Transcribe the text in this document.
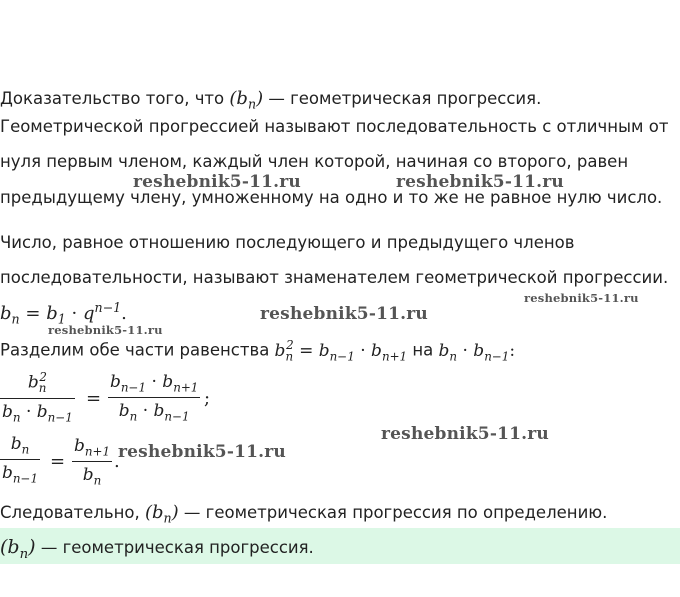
Доказательство того, что $(b_n)$ — геометрическая прогрессия.
Геометрической прогрессией называют последовательность с отличным от
нуля первым членом, каждый член которой, начиная со второго, равен
предыдущему члену, умноженному на одно и то же не равное нулю число.
Число, равное отношению последующего и предыдущего членов
последовательности, называют знаменателем геометрической прогрессии.
$b_n = b_1 \cdot q^{n-1}$.
Разделим обе части равенства $b_n^2 = b_{n-1} \cdot b_{n+1}$ на $b_n \cdot b_{n-1}$:
$b_n^2$
$b_n \cdot b_{n-1}$
=
$b_{n-1} \cdot b_{n+1}$
$b_n \cdot b_{n-1}$
;
$b_n$
$b_{n-1}$
=
$b_{n+1}$
$b_n$
.
Следовательно, $(b_n)$ — геометрическая прогрессия по определению.
$(b_n)$ — геометрическая прогрессия.
reshebnik5-11.ru	reshebnik5-11.ru
reshebnik5-11.ru
reshebnik5-11.ru
reshebnik5-11.ru
reshebnik5-11.ru
reshebnik5-11.ru
